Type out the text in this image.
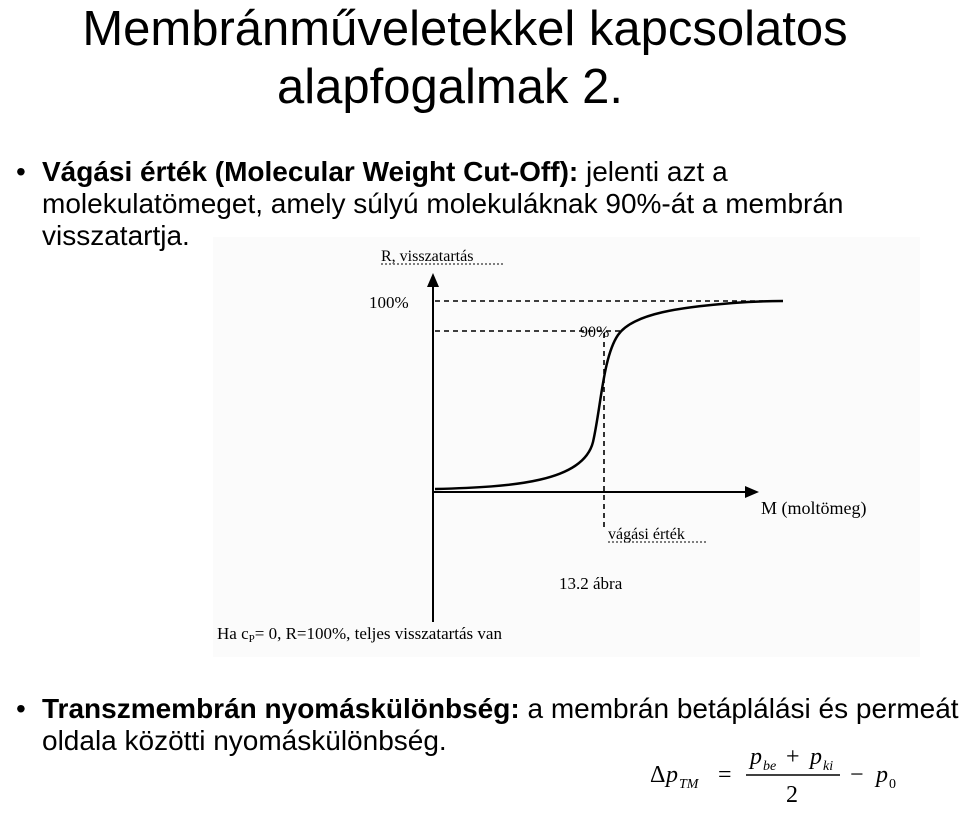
Membránműveletekkel kapcsolatos
alapfogalmak 2.
• Vágási érték (Molecular Weight Cut-Off): jelenti azt a molekulatömeget, amely súlyú molekuláknak 90%-át a membrán visszatartja.
R, visszatartás
100%
90%
M (moltömeg)
vágási érték
13.2 ábra
Ha cP= 0, R=100%, teljes visszatartás van
• Transzmembrán nyomáskülönbség: a membrán betáplálási és permeát oldala közötti nyomáskülönbség.
Δ p TM =
p be + p ki
2
− p 0
